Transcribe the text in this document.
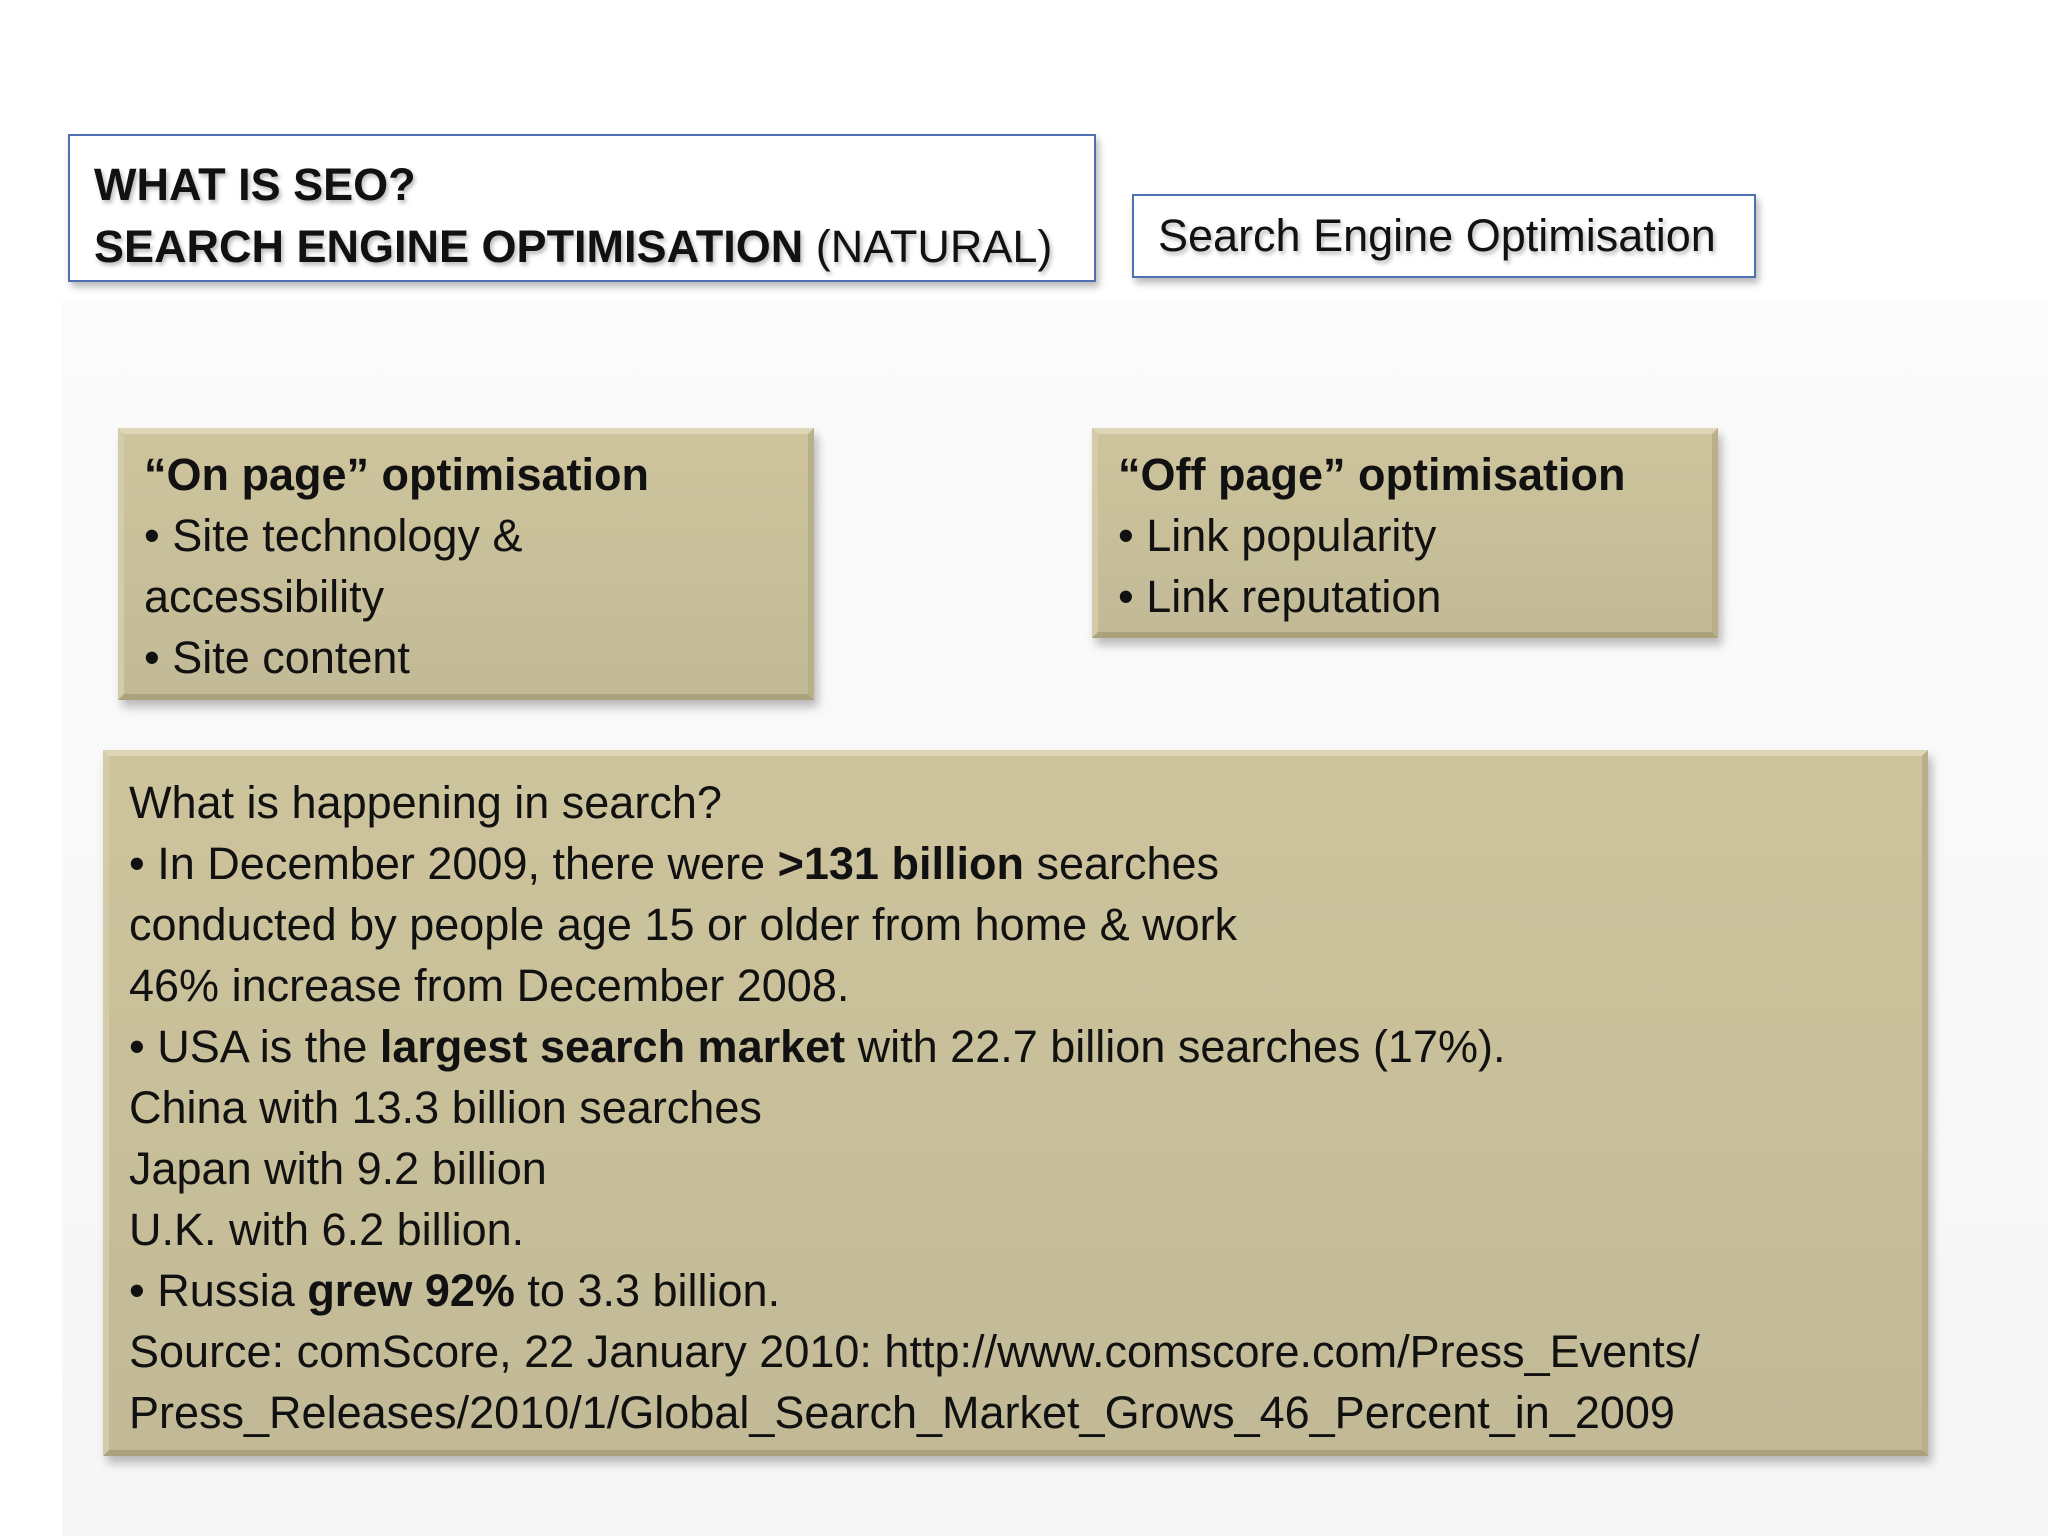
WHAT IS SEO?
SEARCH ENGINE OPTIMISATION (NATURAL)	Search Engine Optimisation
“On page” optimisation
• Site technology &
accessibility
• Site content
“Off page” optimisation
• Link popularity
• Link reputation
What is happening in search?
• In December 2009, there were >131 billion searches
conducted by people age 15 or older from home & work
46% increase from December 2008.
• USA is the largest search market with 22.7 billion searches (17%).
China with 13.3 billion searches
Japan with 9.2 billion
U.K. with 6.2 billion.
• Russia grew 92% to 3.3 billion.
Source: comScore, 22 January 2010: http://www.comscore.com/Press_Events/
Press_Releases/2010/1/Global_Search_Market_Grows_46_Percent_in_2009
